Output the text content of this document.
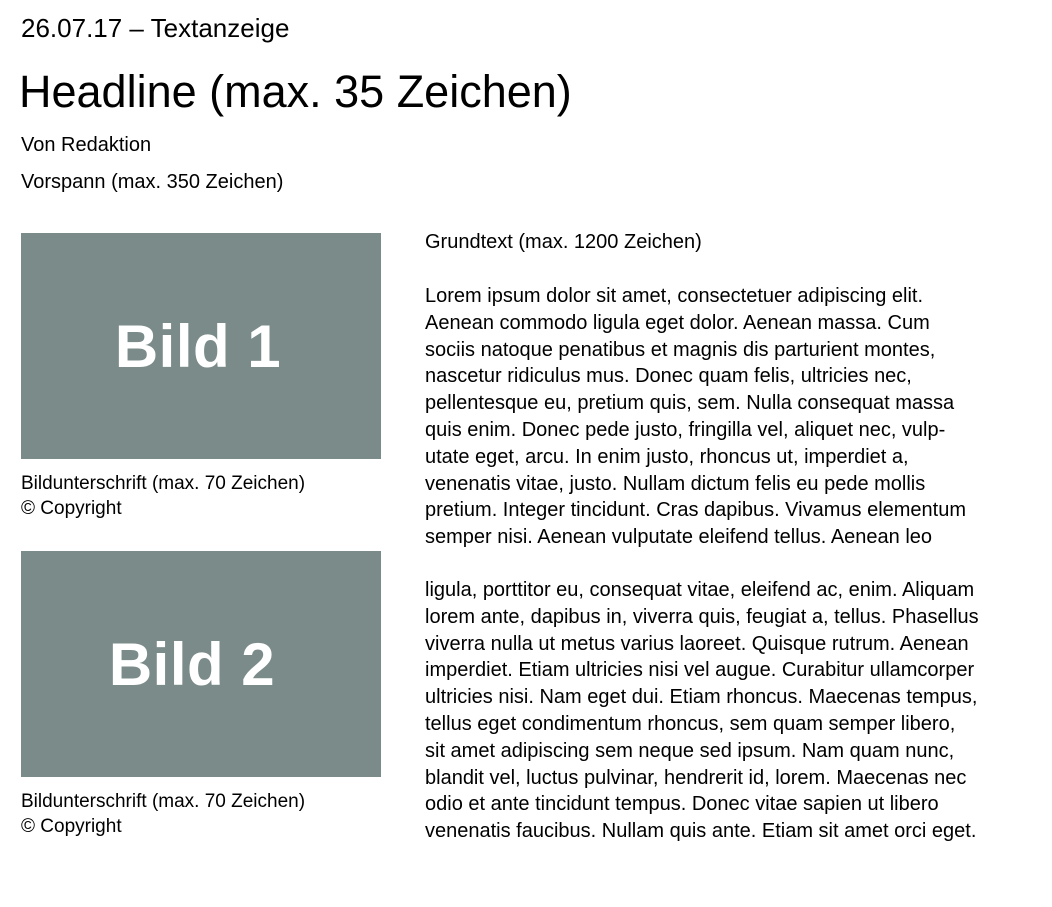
26.07.17 – Textanzeige
Headline (max. 35 Zeichen)
Von Redaktion
Vorspann (max. 350 Zeichen)
Bild 1
Bildunterschrift (max. 70 Zeichen)
© Copyright
Bild 2
Bildunterschrift (max. 70 Zeichen)
© Copyright
Grundtext (max. 1200 Zeichen)
Lorem ipsum dolor sit amet, consectetuer adipiscing elit.
Aenean commodo ligula eget dolor. Aenean massa. Cum
sociis natoque penatibus et magnis dis parturient montes,
nascetur ridiculus mus. Donec quam felis, ultricies nec,
pellentesque eu, pretium quis, sem. Nulla consequat massa
quis enim. Donec pede justo, fringilla vel, aliquet nec, vulp-
utate eget, arcu. In enim justo, rhoncus ut, imperdiet a,
venenatis vitae, justo. Nullam dictum felis eu pede mollis
pretium. Integer tincidunt. Cras dapibus. Vivamus elementum
semper nisi. Aenean vulputate eleifend tellus. Aenean leo
ligula, porttitor eu, consequat vitae, eleifend ac, enim. Aliquam
lorem ante, dapibus in, viverra quis, feugiat a, tellus. Phasellus
viverra nulla ut metus varius laoreet. Quisque rutrum. Aenean
imperdiet. Etiam ultricies nisi vel augue. Curabitur ullamcorper
ultricies nisi. Nam eget dui. Etiam rhoncus. Maecenas tempus,
tellus eget condimentum rhoncus, sem quam semper libero,
sit amet adipiscing sem neque sed ipsum. Nam quam nunc,
blandit vel, luctus pulvinar, hendrerit id, lorem. Maecenas nec
odio et ante tincidunt tempus. Donec vitae sapien ut libero
venenatis faucibus. Nullam quis ante. Etiam sit amet orci eget.
